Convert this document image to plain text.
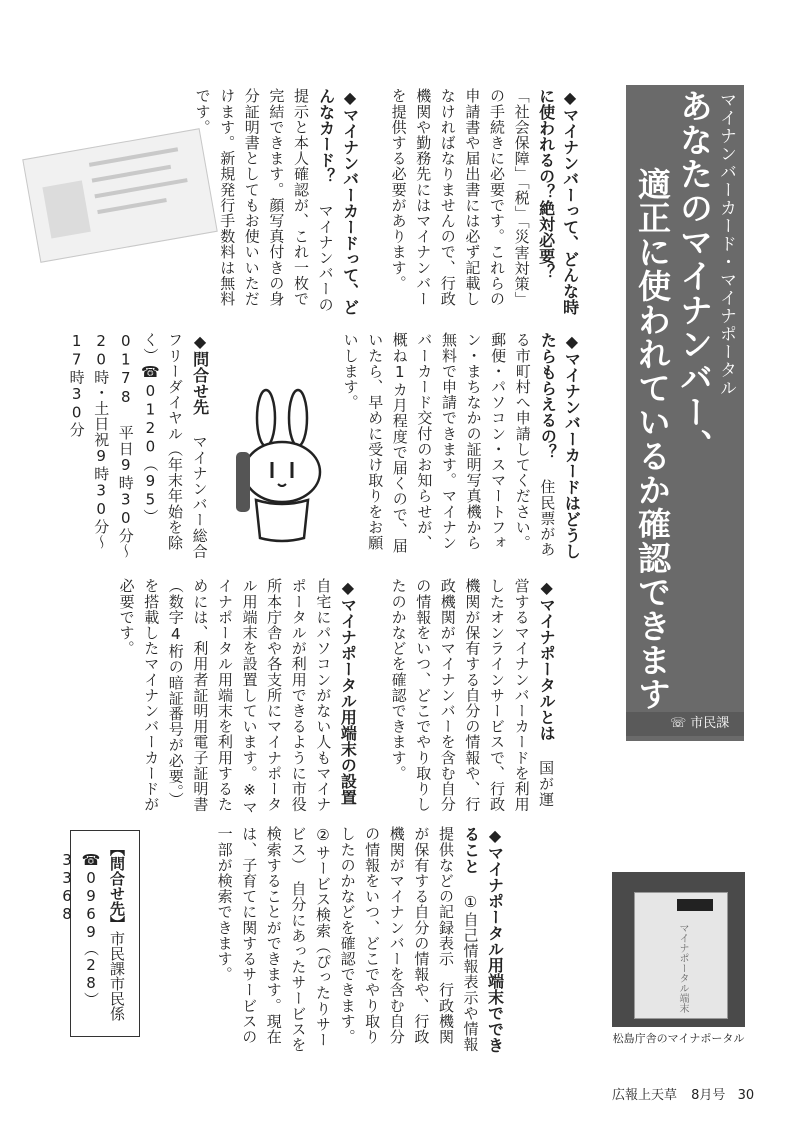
マイナンバーカード・マイナポータル
あなたのマイナンバー、
適正に使われているか確認できます
☏ 市民課
◆マイナンバーって、どんな時に使われるの？絶対必要？ 「社会保障」「税」「災害対策」の手続きに必要です。これらの申請書や届出書には必ず記載しなければなりませんので、行政機関や勤務先にはマイナンバーを提供する必要があります。
◆マイナンバーカードって、どんなカード？ マイナンバーの提示と本人確認が、これ一枚で完結できます。顔写真付きの身分証明書としてもお使いいただけます。新規発行手数料は無料です。
◆マイナンバーカードはどうしたらもらえるの？ 住民票がある市町村へ申請してください。郵便・パソコン・スマートフォン・まちなかの証明写真機から無料で申請できます。マイナンバーカード交付のお知らせが、概ね1カ月程度で届くので、届いたら、早めに受け取りをお願いします。
◆問合せ先 マイナンバー総合フリーダイヤル（年末年始を除く）☎0120（95）0178 平日9時30分～20時・土日祝9時30分～17時30分
◆マイナポータルとは 国が運営するマイナンバーカードを利用したオンラインサービスで、行政機関が保有する自分の情報や、行政機関がマイナンバーを含む自分の情報をいつ、どこでやり取りしたのかなどを確認できます。
◆マイナポータル用端末の設置 自宅にパソコンがない人もマイナポータルが利用できるように市役所本庁舎や各支所にマイナポータル用端末を設置しています。※マイナポータル用端末を利用するためには、利用者証明用電子証明書（数字4桁の暗証番号が必要。）を搭載したマイナンバーカードが必要です。
◆マイナポータル用端末でできること ①自己情報表示や情報提供などの記録表示　行政機関が保有する自分の情報や、行政機関がマイナンバーを含む自分の情報をいつ、どこでやり取りしたのかなどを確認できます。②サービス検索（ぴったりサービス）　自分にあったサービスを検索することができます。現在は、子育てに関するサービスの一部が検索できます。
【問合せ先】市民課市民係
☎0969（28）3368
マイナポータル端末
松島庁舎のマイナポータル
広報上天草 8月号 30
